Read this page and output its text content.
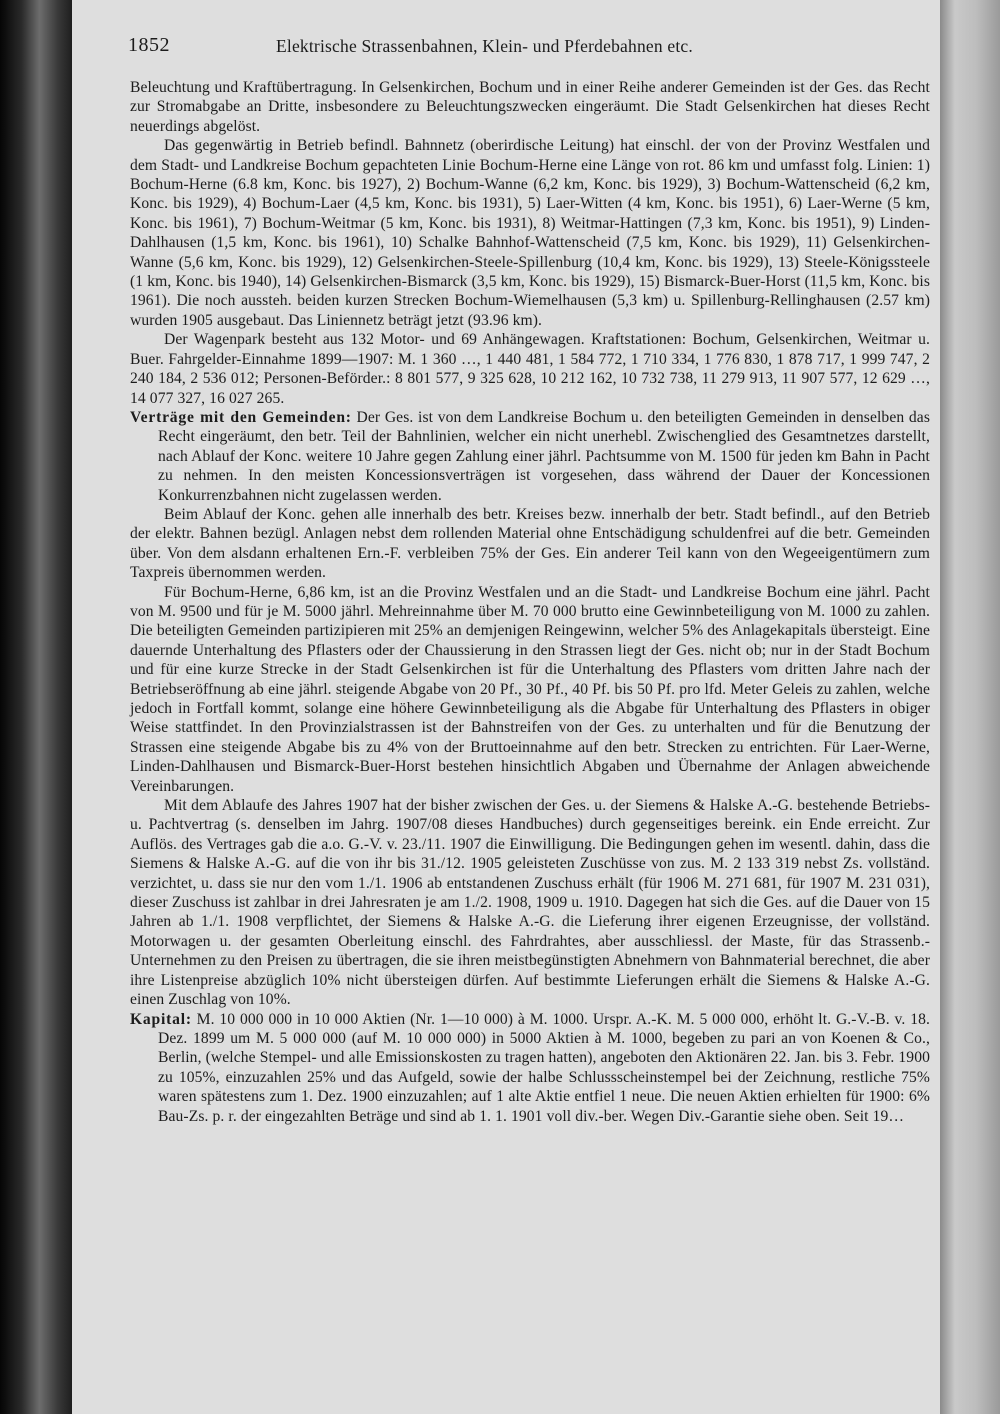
1852	Elektrische Strassenbahnen, Klein- und Pferdebahnen etc.

Beleuchtung und Kraftübertragung. In Gelsenkirchen, Bochum und in einer Reihe anderer Gemeinden ist der Ges. das Recht zur Stromabgabe an Dritte, insbesondere zu Beleuchtungszwecken eingeräumt. Die Stadt Gelsenkirchen hat dieses Recht neuerdings abgelöst.

Das gegenwärtig in Betrieb befindl. Bahnnetz (oberirdische Leitung) hat einschl. der von der Provinz Westfalen und dem Stadt- und Landkreise Bochum gepachteten Linie Bochum-Herne eine Länge von rot. 86 km und umfasst folg. Linien: 1) Bochum-Herne (6.8 km, Konc. bis 1927), 2) Bochum-Wanne (6,2 km, Konc. bis 1929), 3) Bochum-Wattenscheid (6,2 km, Konc. bis 1929), 4) Bochum-Laer (4,5 km, Konc. bis 1931), 5) Laer-Witten (4 km, Konc. bis 1951), 6) Laer-Werne (5 km, Konc. bis 1961), 7) Bochum-Weitmar (5 km, Konc. bis 1931), 8) Weitmar-Hattingen (7,3 km, Konc. bis 1951), 9) Linden-Dahlhausen (1,5 km, Konc. bis 1961), 10) Schalke Bahnhof-Wattenscheid (7,5 km, Konc. bis 1929), 11) Gelsenkirchen-Wanne (5,6 km, Konc. bis 1929), 12) Gelsenkirchen-Steele-Spillenburg (10,4 km, Konc. bis 1929), 13) Steele-Königssteele (1 km, Konc. bis 1940), 14) Gelsenkirchen-Bismarck (3,5 km, Konc. bis 1929), 15) Bismarck-Buer-Horst (11,5 km, Konc. bis 1961). Die noch aussteh. beiden kurzen Strecken Bochum-Wiemelhausen (5,3 km) u. Spillenburg-Rellinghausen (2.57 km) wurden 1905 ausgebaut. Das Liniennetz beträgt jetzt (93.96 km).

Der Wagenpark besteht aus 132 Motor- und 69 Anhängewagen. Kraftstationen: Bochum, Gelsenkirchen, Weitmar u. Buer. Fahrgelder-Einnahme 1899—1907: M. 1 360 …, 1 440 481, 1 584 772, 1 710 334, 1 776 830, 1 878 717, 1 999 747, 2 240 184, 2 536 012; Personen-Beförder.: 8 801 577, 9 325 628, 10 212 162, 10 732 738, 11 279 913, 11 907 577, 12 629 …, 14 077 327, 16 027 265.

Verträge mit den Gemeinden: Der Ges. ist von dem Landkreise Bochum u. den beteiligten Gemeinden in denselben das Recht eingeräumt, den betr. Teil der Bahnlinien, welcher ein nicht unerhebl. Zwischenglied des Gesamtnetzes darstellt, nach Ablauf der Konc. weitere 10 Jahre gegen Zahlung einer jährl. Pachtsumme von M. 1500 für jeden km Bahn in Pacht zu nehmen. In den meisten Koncessionsverträgen ist vorgesehen, dass während der Dauer der Koncessionen Konkurrenzbahnen nicht zugelassen werden.

Beim Ablauf der Konc. gehen alle innerhalb des betr. Kreises bezw. innerhalb der betr. Stadt befindl., auf den Betrieb der elektr. Bahnen bezügl. Anlagen nebst dem rollenden Material ohne Entschädigung schuldenfrei auf die betr. Gemeinden über. Von dem alsdann erhaltenen Ern.-F. verbleiben 75% der Ges. Ein anderer Teil kann von den Wegeeigentümern zum Taxpreis übernommen werden.

Für Bochum-Herne, 6,86 km, ist an die Provinz Westfalen und an die Stadt- und Landkreise Bochum eine jährl. Pacht von M. 9500 und für je M. 5000 jährl. Mehreinnahme über M. 70 000 brutto eine Gewinnbeteiligung von M. 1000 zu zahlen. Die beteiligten Gemeinden partizipieren mit 25% an demjenigen Reingewinn, welcher 5% des Anlagekapitals übersteigt. Eine dauernde Unterhaltung des Pflasters oder der Chaussierung in den Strassen liegt der Ges. nicht ob; nur in der Stadt Bochum und für eine kurze Strecke in der Stadt Gelsenkirchen ist für die Unterhaltung des Pflasters vom dritten Jahre nach der Betriebseröffnung ab eine jährl. steigende Abgabe von 20 Pf., 30 Pf., 40 Pf. bis 50 Pf. pro lfd. Meter Geleis zu zahlen, welche jedoch in Fortfall kommt, solange eine höhere Gewinnbeteiligung als die Abgabe für Unterhaltung des Pflasters in obiger Weise stattfindet. In den Provinzialstrassen ist der Bahnstreifen von der Ges. zu unterhalten und für die Benutzung der Strassen eine steigende Abgabe bis zu 4% von der Bruttoeinnahme auf den betr. Strecken zu entrichten. Für Laer-Werne, Linden-Dahlhausen und Bismarck-Buer-Horst bestehen hinsichtlich Abgaben und Übernahme der Anlagen abweichende Vereinbarungen.

Mit dem Ablaufe des Jahres 1907 hat der bisher zwischen der Ges. u. der Siemens & Halske A.-G. bestehende Betriebs- u. Pachtvertrag (s. denselben im Jahrg. 1907/08 dieses Handbuches) durch gegenseitiges bereink. ein Ende erreicht. Zur Auflös. des Vertrages gab die a.o. G.-V. v. 23./11. 1907 die Einwilligung. Die Bedingungen gehen im wesentl. dahin, dass die Siemens & Halske A.-G. auf die von ihr bis 31./12. 1905 geleisteten Zuschüsse von zus. M. 2 133 319 nebst Zs. vollständ. verzichtet, u. dass sie nur den vom 1./1. 1906 ab entstandenen Zuschuss erhält (für 1906 M. 271 681, für 1907 M. 231 031), dieser Zuschuss ist zahlbar in drei Jahresraten je am 1./2. 1908, 1909 u. 1910. Dagegen hat sich die Ges. auf die Dauer von 15 Jahren ab 1./1. 1908 verpflichtet, der Siemens & Halske A.-G. die Lieferung ihrer eigenen Erzeugnisse, der vollständ. Motorwagen u. der gesamten Oberleitung einschl. des Fahrdrahtes, aber ausschliessl. der Maste, für das Strassenb.-Unternehmen zu den Preisen zu übertragen, die sie ihren meistbegünstigten Abnehmern von Bahnmaterial berechnet, die aber ihre Listenpreise abzüglich 10% nicht übersteigen dürfen. Auf bestimmte Lieferungen erhält die Siemens & Halske A.-G. einen Zuschlag von 10%.

Kapital: M. 10 000 000 in 10 000 Aktien (Nr. 1—10 000) à M. 1000. Urspr. A.-K. M. 5 000 000, erhöht lt. G.-V.-B. v. 18. Dez. 1899 um M. 5 000 000 (auf M. 10 000 000) in 5000 Aktien à M. 1000, begeben zu pari an von Koenen & Co., Berlin, (welche Stempel- und alle Emissionskosten zu tragen hatten), angeboten den Aktionären 22. Jan. bis 3. Febr. 1900 zu 105%, einzuzahlen 25% und das Aufgeld, sowie der halbe Schlussscheinstempel bei der Zeichnung, restliche 75% waren spätestens zum 1. Dez. 1900 einzuzahlen; auf 1 alte Aktie entfiel 1 neue. Die neuen Aktien erhielten für 1900: 6% Bau-Zs. p. r. der eingezahlten Beträge und sind ab 1. 1. 1901 voll div.-ber. Wegen Div.-Garantie siehe oben. Seit 19…
